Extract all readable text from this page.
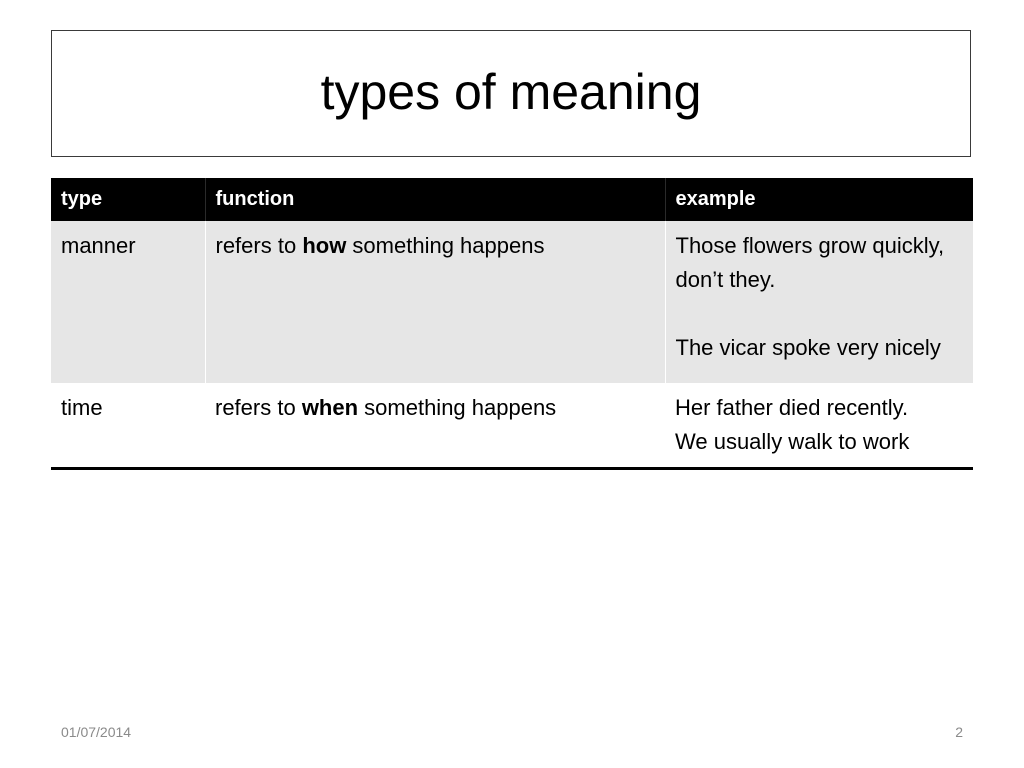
types of meaning
type	function	example
manner	refers to how something happens	Those flowers grow quickly, don’t they.
The vicar spoke very nicely
time	refers to when something happens	Her father died recently.
We usually walk to work
01/07/2014	2
